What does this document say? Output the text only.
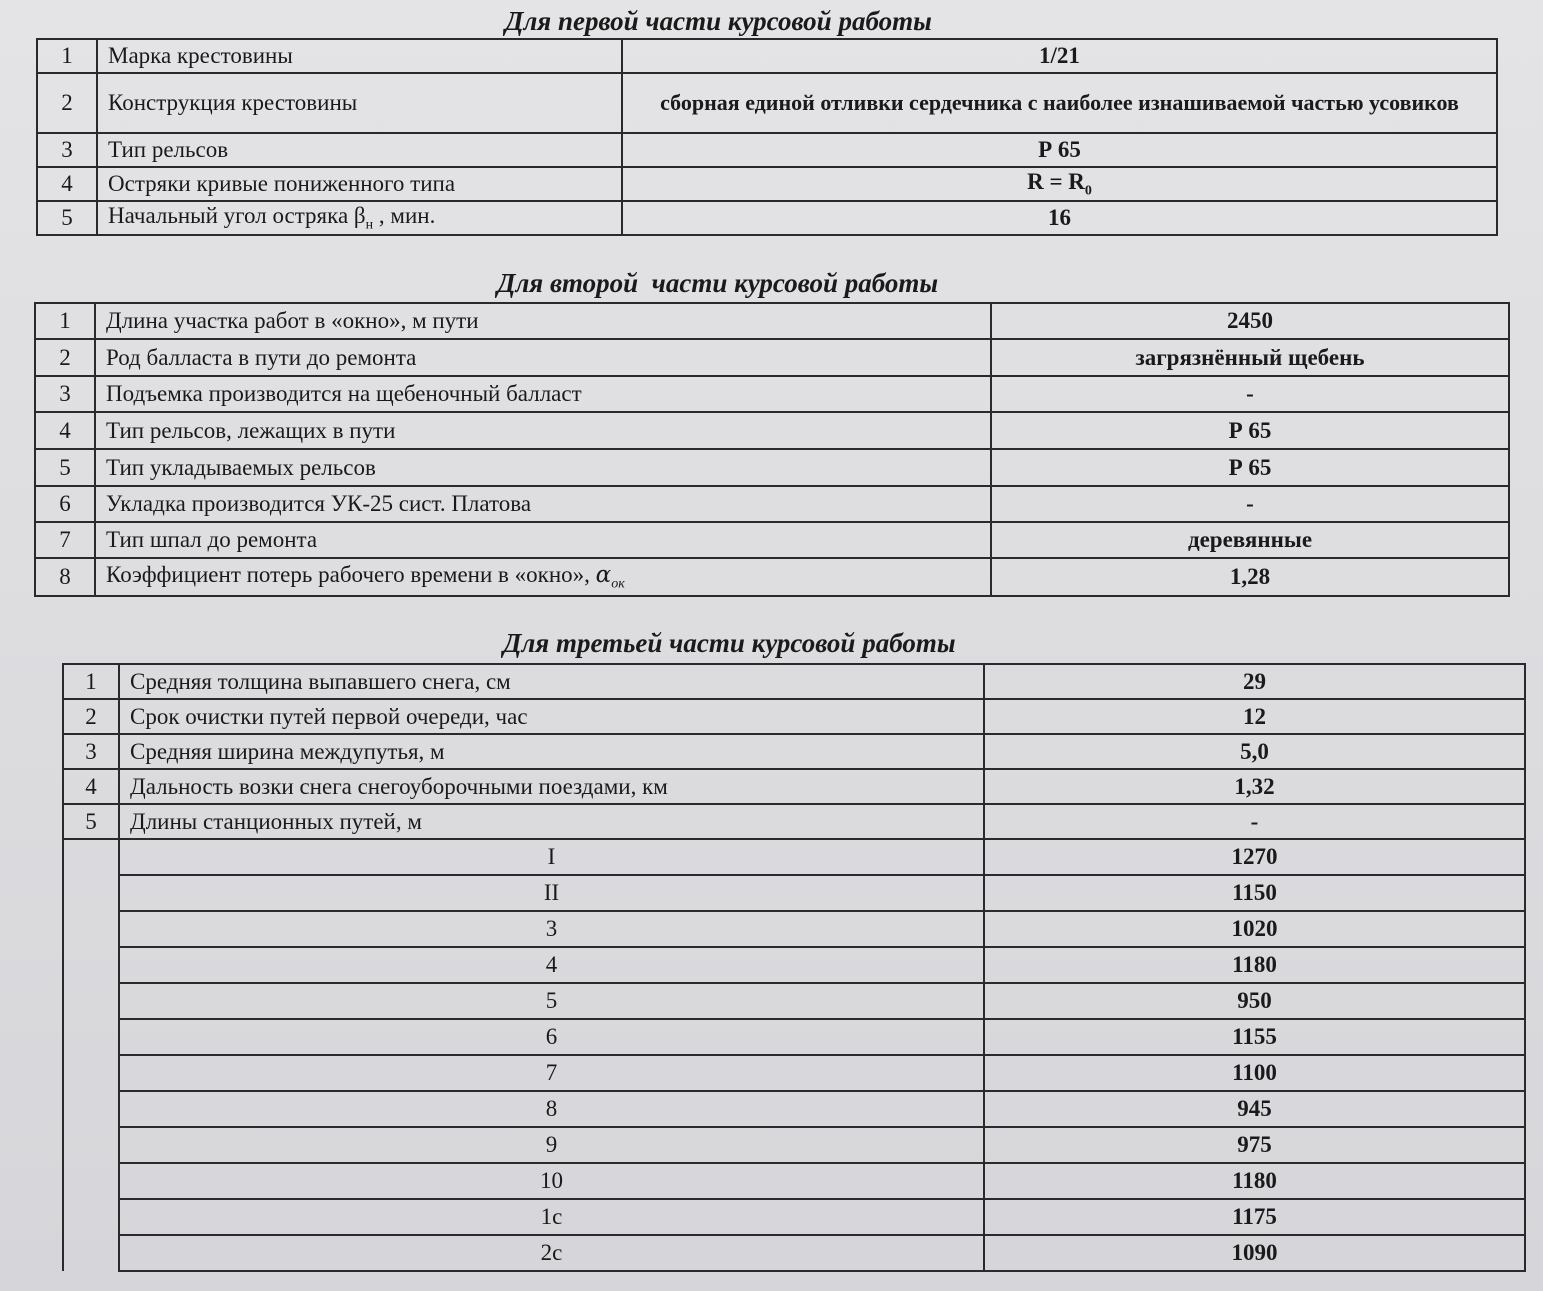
Для первой части курсовой работы
1	Марка крестовины	1/21
2	Конструкция крестовины	сборная единой отливки сердечника с наиболее изнашиваемой частью усовиков
3	Тип рельсов	Р 65
4	Остряки кривые пониженного типа	$R = R_0$
5	Начальный угол остряка $\beta_н$ , мин.	16
Для второй  части курсовой работы
1	Длина участка работ в «окно», м пути	2450
2	Род балласта в пути до ремонта	загрязнённый щебень
3	Подъемка производится на щебеночный балласт	-
4	Тип рельсов, лежащих в пути	Р 65
5	Тип укладываемых рельсов	Р 65
6	Укладка производится УК-25 сист. Платова	-
7	Тип шпал до ремонта	деревянные
8	Коэффициент потерь рабочего времени в «окно», $\alpha_{ок}$	1,28
Для третьей части курсовой работы
1	Средняя толщина выпавшего снега, см	29
2	Срок очистки путей первой очереди, час	12
3	Средняя ширина междупутья, м	5,0
4	Дальность возки снега снегоуборочными поездами, км	1,32
5	Длины станционных путей, м	-
	I	1270
	II	1150
	3	1020
	4	1180
	5	950
	6	1155
	7	1100
	8	945
	9	975
	10	1180
	1с	1175
	2с	1090
